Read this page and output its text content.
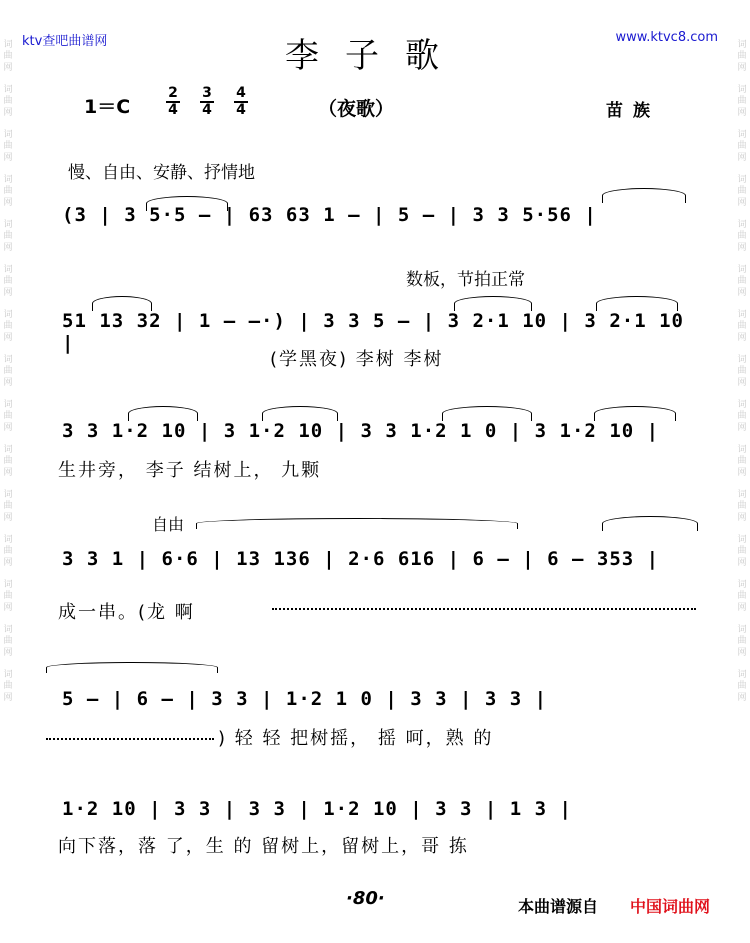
ktv查吧曲谱网	www.ktvc8.com
词
曲
网

词
曲
网

词
曲
网

词
曲
网

词
曲
网

词
曲
网

词
曲
网

词
曲
网

词
曲
网

词
曲
网

词
曲
网

词
曲
网

词
曲
网

词
曲
网

词
曲
网

词
曲
网

词
曲
网

词
曲
网

词
曲
网

词
曲
网

词
曲
网

词
曲
网

词
曲
网

词
曲
网

词
曲
网

词
曲
网

词
曲
网

词
曲
网

词
曲
网

词
曲
网

李子歌
1＝C
2
4
3
4
4
4	（夜歌）	苗族
慢、自由、安静、抒情地
(3 | 3 5·5 – | 63 63 1 – | 5 – | 3 3 5·56 |
数板，节拍正常
51 13 32 | 1 – –·) | 3 3 5 – | 3 2·1 10 | 3 2·1 10 |
(学黑夜) 李树 李树
3 3 1·2 10 | 3 1·2 10 | 3 3 1·2 1 0 | 3 1·2 10 |
生井旁， 李子 结树上， 九颗
自由
3 3 1 | 6·6 | 13 136 | 2·6 616 | 6 – | 6 – 353 |
成一串。(龙 啊
5 – | 6 – | 3 3 | 1·2 1 0 | 3 3 | 3 3 |
) 轻 轻 把树摇， 摇 呵，熟 的
1·2 10 | 3 3 | 3 3 | 1·2 10 | 3 3 | 1 3 |
向下落，落 了，生 的 留树上，留树上，哥 拣
·80·	本曲谱源自 中国词曲网
